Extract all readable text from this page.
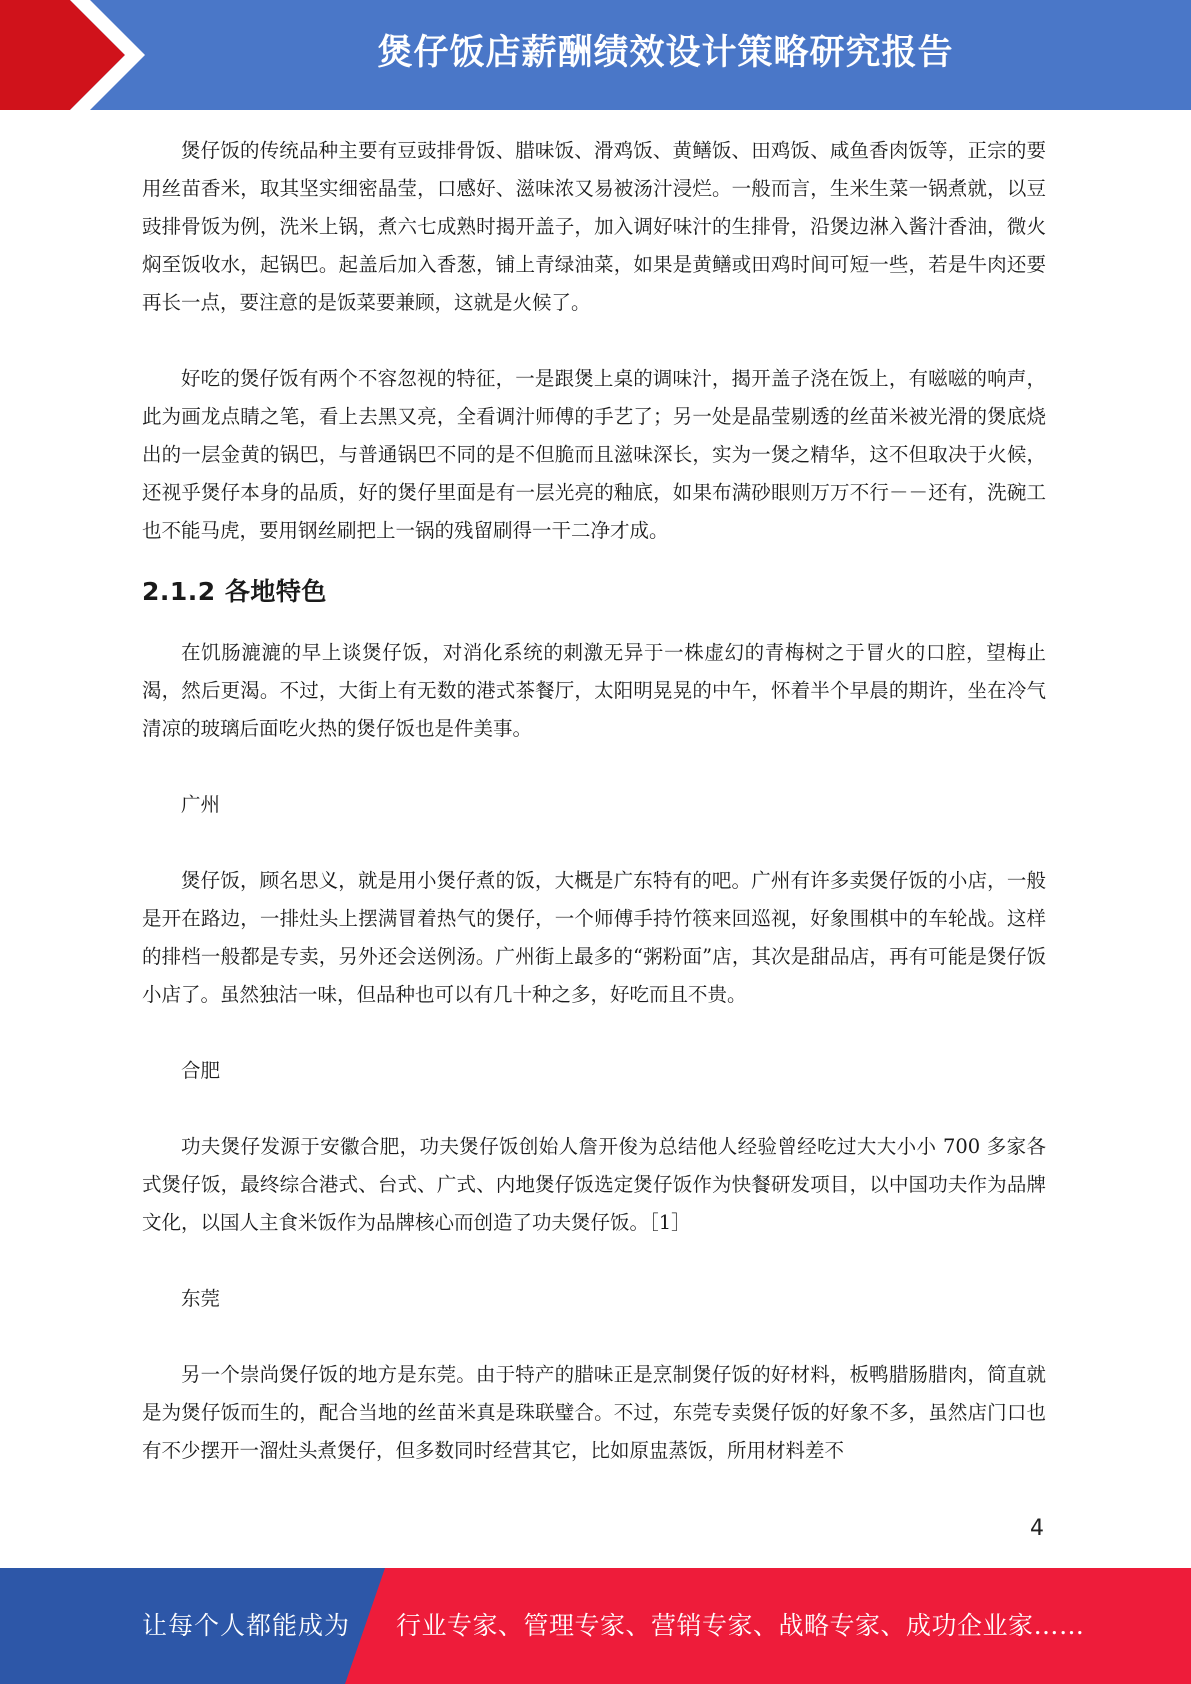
煲仔饭店薪酬绩效设计策略研究报告

煲仔饭的传统品种主要有豆豉排骨饭、腊味饭、滑鸡饭、黄鳝饭、田鸡饭、咸鱼香肉饭等，正宗的要用丝苗香米，取其坚实细密晶莹，口感好、滋味浓又易被汤汁浸烂。一般而言，生米生菜一锅煮就，以豆豉排骨饭为例，洗米上锅，煮六七成熟时揭开盖子，加入调好味汁的生排骨，沿煲边淋入酱汁香油，微火焖至饭收水，起锅巴。起盖后加入香葱，铺上青绿油菜，如果是黄鳝或田鸡时间可短一些，若是牛肉还要再长一点，要注意的是饭菜要兼顾，这就是火候了。

好吃的煲仔饭有两个不容忽视的特征，一是跟煲上桌的调味汁，揭开盖子浇在饭上，有嗞嗞的响声，此为画龙点睛之笔，看上去黑又亮，全看调汁师傅的手艺了；另一处是晶莹剔透的丝苗米被光滑的煲底烧出的一层金黄的锅巴，与普通锅巴不同的是不但脆而且滋味深长，实为一煲之精华，这不但取决于火候，还视乎煲仔本身的品质，好的煲仔里面是有一层光亮的釉底，如果布满砂眼则万万不行－－还有，洗碗工也不能马虎，要用钢丝刷把上一锅的残留刷得一干二净才成。

2.1.2 各地特色

在饥肠漉漉的早上谈煲仔饭，对消化系统的刺激无异于一株虚幻的青梅树之于冒火的口腔，望梅止渴，然后更渴。不过，大街上有无数的港式茶餐厅，太阳明晃晃的中午，怀着半个早晨的期许，坐在冷气清凉的玻璃后面吃火热的煲仔饭也是件美事。

广州

煲仔饭，顾名思义，就是用小煲仔煮的饭，大概是广东特有的吧。广州有许多卖煲仔饭的小店，一般是开在路边，一排灶头上摆满冒着热气的煲仔，一个师傅手持竹筷来回巡视，好象围棋中的车轮战。这样的排档一般都是专卖，另外还会送例汤。广州街上最多的“粥粉面”店，其次是甜品店，再有可能是煲仔饭小店了。虽然独沽一味，但品种也可以有几十种之多，好吃而且不贵。

合肥

功夫煲仔发源于安徽合肥，功夫煲仔饭创始人詹开俊为总结他人经验曾经吃过大大小小 700 多家各式煲仔饭，最终综合港式、台式、广式、内地煲仔饭选定煲仔饭作为快餐研发项目，以中国功夫作为品牌文化，以国人主食米饭作为品牌核心而创造了功夫煲仔饭。［1］

东莞

另一个崇尚煲仔饭的地方是东莞。由于特产的腊味正是烹制煲仔饭的好材料，板鸭腊肠腊肉，简直就是为煲仔饭而生的，配合当地的丝苗米真是珠联璧合。不过，东莞专卖煲仔饭的好象不多，虽然店门口也有不少摆开一溜灶头煮煲仔，但多数同时经营其它，比如原盅蒸饭，所用材料差不

4
让每个人都能成为 行业专家、管理专家、营销专家、战略专家、成功企业家……
